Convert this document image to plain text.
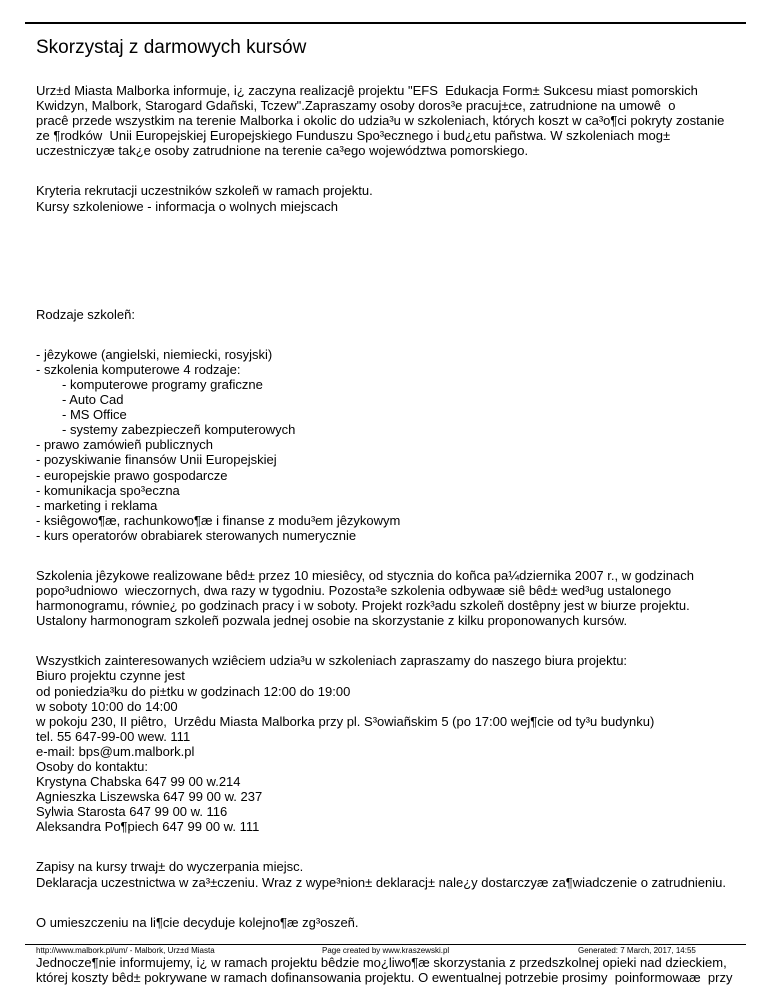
Skorzystaj z darmowych kursów

Urz±d Miasta Malborka informuje, i¿ zaczyna realizacjê projektu "EFS  Edukacja Form± Sukcesu miast pomorskich

Kwidzyn, Malbork, Starogard Gdañski, Tczew".Zapraszamy osoby doros³e pracuj±ce, zatrudnione na umowê  o

pracê przede wszystkim na terenie Malborka i okolic do udzia³u w szkoleniach, których koszt w ca³o¶ci pokryty zostanie

ze ¶rodków  Unii Europejskiej Europejskiego Funduszu Spo³ecznego i bud¿etu pañstwa. W szkoleniach mog±

uczestniczyæ tak¿e osoby zatrudnione na terenie ca³ego województwa pomorskiego.

Kryteria rekrutacji uczestników szkoleñ w ramach projektu.

Kursy szkoleniowe - informacja o wolnych miejscach

Rodzaje szkoleñ:

- jêzykowe (angielski, niemiecki, rosyjski)

- szkolenia komputerowe 4 rodzaje:

- komputerowe programy graficzne

- Auto Cad

- MS Office

- systemy zabezpieczeñ komputerowych

- prawo zamówieñ publicznych

- pozyskiwanie finansów Unii Europejskiej

- europejskie prawo gospodarcze

- komunikacja spo³eczna

- marketing i reklama

- ksiêgowo¶æ, rachunkowo¶æ i finanse z modu³em jêzykowym

- kurs operatorów obrabiarek sterowanych numerycznie

Szkolenia jêzykowe realizowane bêd± przez 10 miesiêcy, od stycznia do koñca pa¼dziernika 2007 r., w godzinach

popo³udniowo  wieczornych, dwa razy w tygodniu. Pozosta³e szkolenia odbywaæ siê bêd± wed³ug ustalonego

harmonogramu, równie¿ po godzinach pracy i w soboty. Projekt rozk³adu szkoleñ dostêpny jest w biurze projektu.

Ustalony harmonogram szkoleñ pozwala jednej osobie na skorzystanie z kilku proponowanych kursów.

Wszystkich zainteresowanych wziêciem udzia³u w szkoleniach zapraszamy do naszego biura projektu:

Biuro projektu czynne jest

od poniedzia³ku do pi±tku w godzinach 12:00 do 19:00

w soboty 10:00 do 14:00

w pokoju 230, II piêtro,  Urzêdu Miasta Malborka przy pl. S³owiañskim 5 (po 17:00 wej¶cie od ty³u budynku)

tel. 55 647-99-00 wew. 111

e-mail: bps@um.malbork.pl

Osoby do kontaktu:

Krystyna Chabska 647 99 00 w.214

Agnieszka Liszewska 647 99 00 w. 237

Sylwia Starosta 647 99 00 w. 116

Aleksandra Po¶piech 647 99 00 w. 111

Zapisy na kursy trwaj± do wyczerpania miejsc.

Deklaracja uczestnictwa w za³±czeniu. Wraz z wype³nion± deklaracj± nale¿y dostarczyæ za¶wiadczenie o zatrudnieniu.

O umieszczeniu na li¶cie decyduje kolejno¶æ zg³oszeñ.

Jednocze¶nie informujemy, i¿ w ramach projektu bêdzie mo¿liwo¶æ skorzystania z przedszkolnej opieki nad dzieckiem,

której koszty bêd± pokrywane w ramach dofinansowania projektu. O ewentualnej potrzebie prosimy  poinformowaæ  przy

http://www.malbork.pl/um/ - Malbork, Urz±d Miasta	Page created by www.kraszewski.pl	Generated: 7 March, 2017, 14:55
